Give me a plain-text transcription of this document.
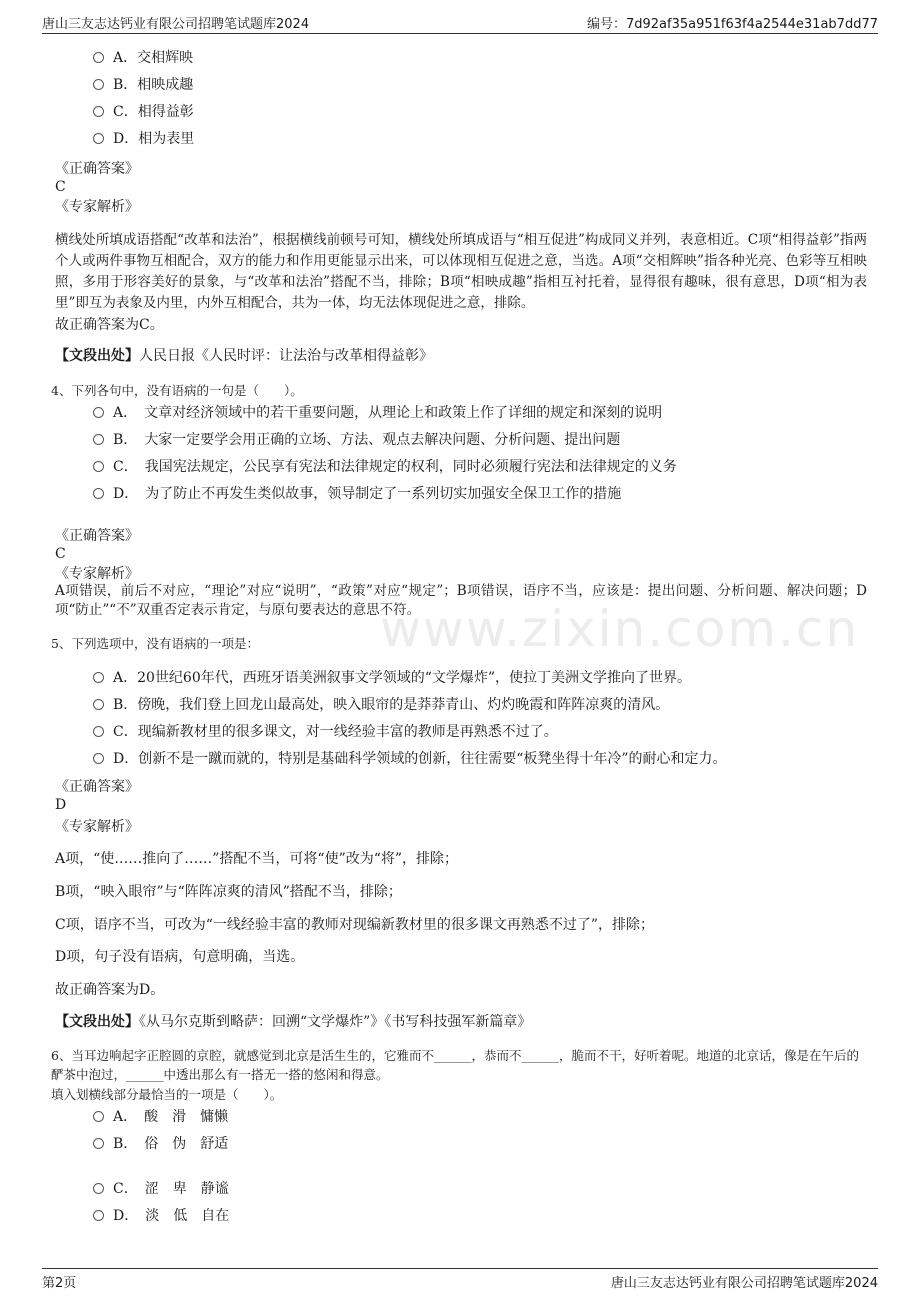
唐山三友志达钙业有限公司招聘笔试题库2024	编号：7d92af35a951f63f4a2544e31ab7dd77
www.zixin.com.cn
A．交相辉映
B．相映成趣
C．相得益彰
D．相为表里
《正确答案》
C
《专家解析》
横线处所填成语搭配“改革和法治”，根据横线前顿号可知，横线处所填成语与“相互促进”构成同义并列，表意相近。C项“相得益彰”指两个人或两件事物互相配合，双方的能力和作用更能显示出来，可以体现相互促进之意，当选。A项“交相辉映”指各种光亮、色彩等互相映照，多用于形容美好的景象，与“改革和法治”搭配不当，排除；B项“相映成趣”指相互衬托着，显得很有趣味，很有意思，D项“相为表里”即互为表象及内里，内外互相配合，共为一体，均无法体现促进之意，排除。
故正确答案为C。
【文段出处】人民日报《人民时评：让法治与改革相得益彰》
4、下列各句中，没有语病的一句是（　　）。
A．　文章对经济领域中的若干重要问题，从理论上和政策上作了详细的规定和深刻的说明
B．　大家一定要学会用正确的立场、方法、观点去解决问题、分析问题、提出问题
C．　我国宪法规定，公民享有宪法和法律规定的权利，同时必须履行宪法和法律规定的义务
D．　为了防止不再发生类似故事，领导制定了一系列切实加强安全保卫工作的措施
《正确答案》
C
《专家解析》
A项错误，前后不对应，“理论”对应“说明”，“政策”对应“规定”；B项错误，语序不当，应该是：提出问题、分析问题、解决问题；D项“防止”“不”双重否定表示肯定，与原句要表达的意思不符。
5、下列选项中，没有语病的一项是：
A．20世纪60年代，西班牙语美洲叙事文学领域的“文学爆炸”，使拉丁美洲文学推向了世界。
B．傍晚，我们登上回龙山最高处，映入眼帘的是莽莽青山、灼灼晚霞和阵阵凉爽的清风。
C．现编新教材里的很多课文，对一线经验丰富的教师是再熟悉不过了。
D．创新不是一蹴而就的，特别是基础科学领域的创新，往往需要“板凳坐得十年冷”的耐心和定力。
《正确答案》
D
《专家解析》
A项，“使……推向了……”搭配不当，可将“使”改为“将”，排除；
B项，“映入眼帘”与“阵阵凉爽的清风”搭配不当，排除；
C项，语序不当，可改为“一线经验丰富的教师对现编新教材里的很多课文再熟悉不过了”，排除；
D项，句子没有语病，句意明确，当选。
故正确答案为D。
【文段出处】《从马尔克斯到略萨：回溯“文学爆炸”》《书写科技强军新篇章》
6、当耳边响起字正腔圆的京腔，就感觉到北京是活生生的，它雅而不______，恭而不______，脆而不干，好听着呢。地道的北京话，像是在午后的酽茶中泡过，______中透出那么有一搭无一搭的悠闲和得意。
填入划横线部分最恰当的一项是（　　）。
A．　酸　滑　慵懒
B．　俗　伪　舒适
C．　涩　卑　静谧
D．　淡　低　自在
第2页	唐山三友志达钙业有限公司招聘笔试题库2024
